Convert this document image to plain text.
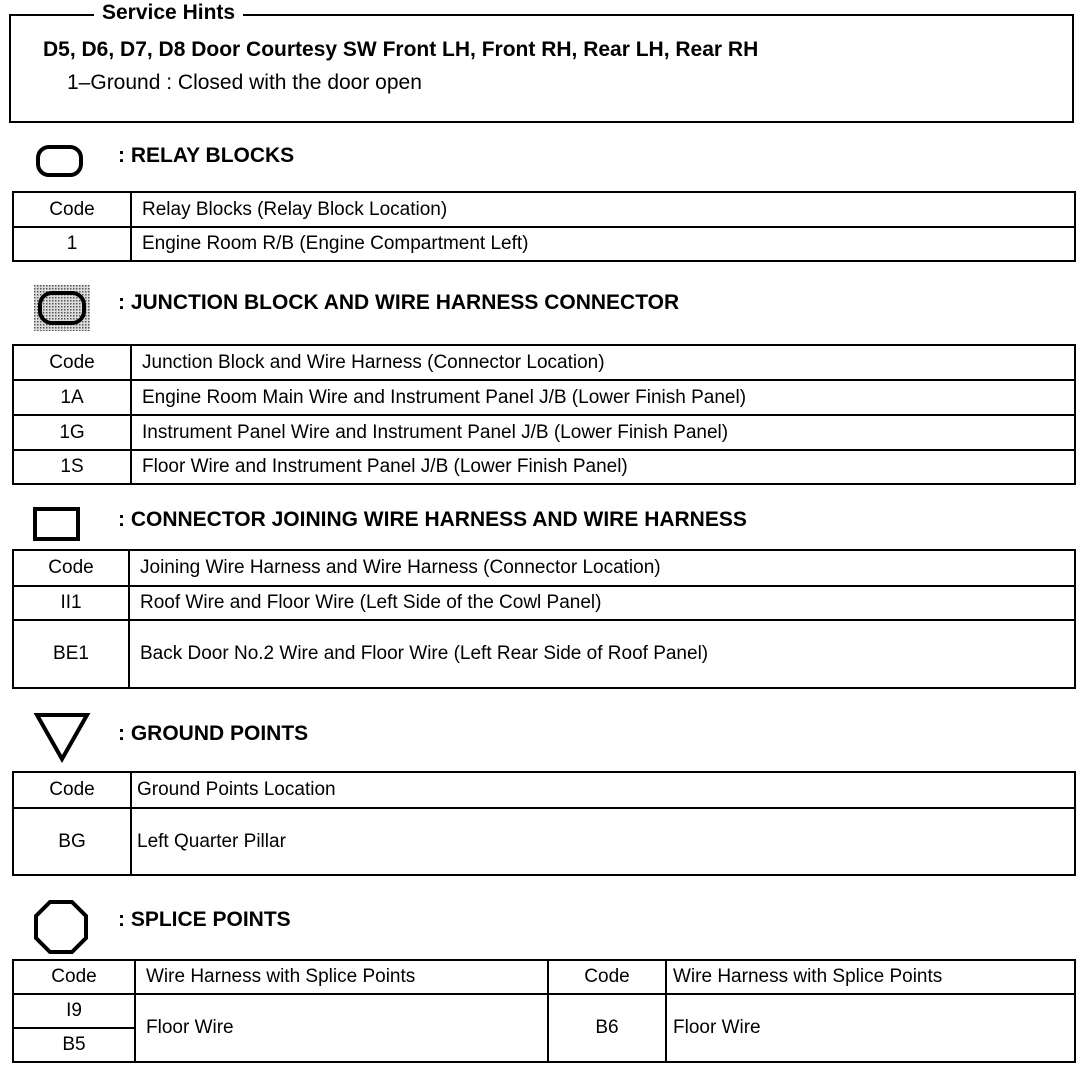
Service Hints
D5, D6, D7, D8 Door Courtesy SW Front LH, Front RH, Rear LH, Rear RH
1–Ground : Closed with the door open
: RELAY BLOCKS
Code	Relay Blocks (Relay Block Location)
1	Engine Room R/B (Engine Compartment Left)
: JUNCTION BLOCK AND WIRE HARNESS CONNECTOR
Code	Junction Block and Wire Harness (Connector Location)
1A	Engine Room Main Wire and Instrument Panel J/B (Lower Finish Panel)
1G	Instrument Panel Wire and Instrument Panel J/B (Lower Finish Panel)
1S	Floor Wire and Instrument Panel J/B (Lower Finish Panel)
: CONNECTOR JOINING WIRE HARNESS AND WIRE HARNESS
Code	Joining Wire Harness and Wire Harness (Connector Location)
II1	Roof Wire and Floor Wire (Left Side of the Cowl Panel)
BE1	Back Door No.2 Wire and Floor Wire (Left Rear Side of Roof Panel)
: GROUND POINTS
Code	Ground Points Location
BG	Left Quarter Pillar
: SPLICE POINTS
Code	Wire Harness with Splice Points	Code	Wire Harness with Splice Points
I9	Floor Wire	B6	Floor Wire
B5			
